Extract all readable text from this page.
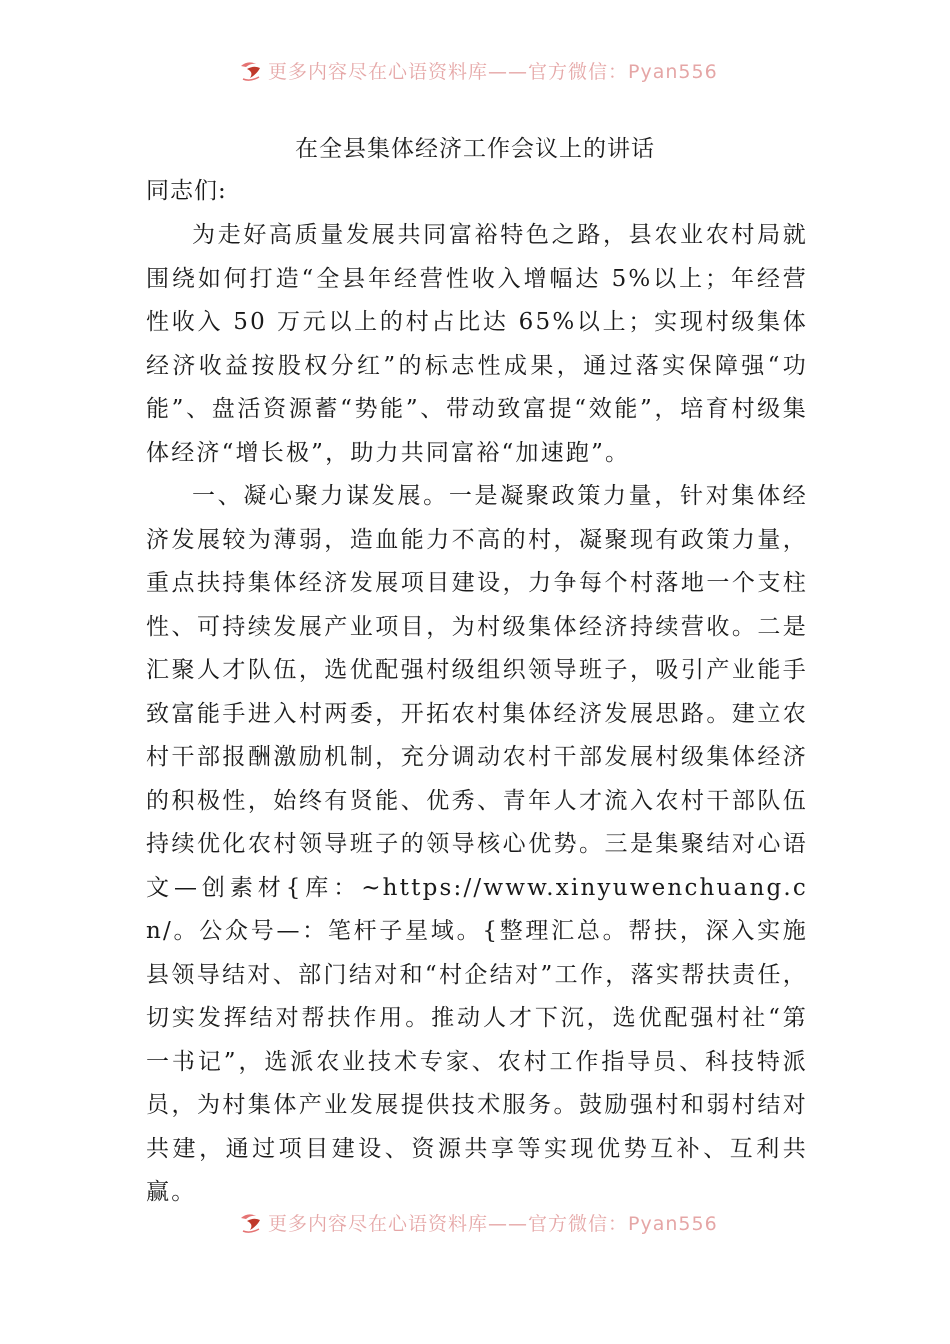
更多内容尽在心语资料库——官方微信：Pyan556
在全县集体经济工作会议上的讲话

同志们:

为走好高质量发展共同富裕特色之路，县农业农村局就围绕如何打造“全县年经营性收入增幅达 5%以上；年经营性收入 50 万元以上的村占比达 65%以上；实现村级集体经济收益按股权分红”的标志性成果，通过落实保障强“功能”、盘活资源蓄“势能”、带动致富提“效能”，培育村级集体经济“增长极”，助力共同富裕“加速跑”。

一、凝心聚力谋发展。一是凝聚政策力量，针对集体经济发展较为薄弱，造血能力不高的村，凝聚现有政策力量，重点扶持集体经济发展项目建设，力争每个村落地一个支柱性、可持续发展产业项目，为村级集体经济持续营收。二是汇聚人才队伍，选优配强村级组织领导班子，吸引产业能手致富能手进入村两委，开拓农村集体经济发展思路。建立农村干部报酬激励机制，充分调动农村干部发展村级集体经济的积极性，始终有贤能、优秀、青年人才流入农村干部队伍持续优化农村领导班子的领导核心优势。三是集聚结对心语文—创素材{库：~https://www.xinyuwenchuang.cn/。公众号—：笔杆子星域。{整理汇总。帮扶，深入实施县领导结对、部门结对和“村企结对”工作，落实帮扶责任，切实发挥结对帮扶作用。推动人才下沉，选优配强村社“第一书记”，选派农业技术专家、农村工作指导员、科技特派员，为村集体产业发展提供技术服务。鼓励强村和弱村结对共建，通过项目建设、资源共享等实现优势互补、互利共赢。

更多内容尽在心语资料库——官方微信：Pyan556
